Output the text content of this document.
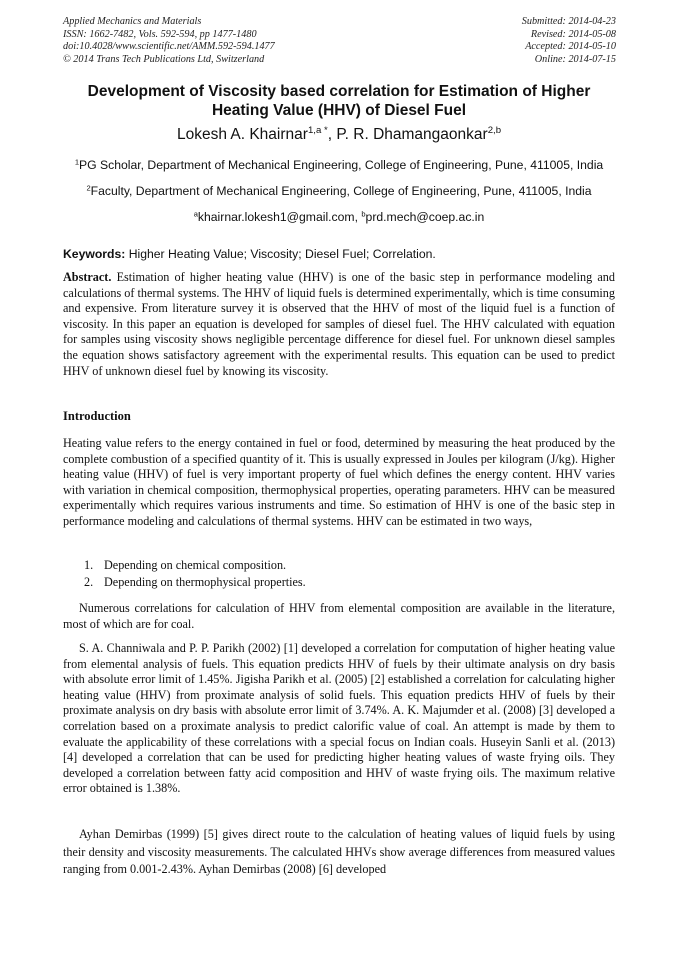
Applied Mechanics and Materials
ISSN: 1662-7482, Vols. 592-594, pp 1477-1480
doi:10.4028/www.scientific.net/AMM.592-594.1477
© 2014 Trans Tech Publications Ltd, Switzerland
Submitted: 2014-04-23
Revised: 2014-05-08
Accepted: 2014-05-10
Online: 2014-07-15
Development of Viscosity based correlation for Estimation of Higher Heating Value (HHV) of Diesel Fuel
Lokesh A. Khairnar$^{1,a *}$, P. R. Dhamangaonkar$^{2,b}$
$^1$PG Scholar, Department of Mechanical Engineering, College of Engineering, Pune, 411005, India
$^2$Faculty, Department of Mechanical Engineering, College of Engineering, Pune, 411005, India
$^a$khairnar.lokesh1@gmail.com, $^b$prd.mech@coep.ac.in
Keywords: Higher Heating Value; Viscosity; Diesel Fuel; Correlation.

Abstract. Estimation of higher heating value (HHV) is one of the basic step in performance modeling and calculations of thermal systems. The HHV of liquid fuels is determined experimentally, which is time consuming and expensive. From literature survey it is observed that the HHV of most of the liquid fuel is a function of viscosity. In this paper an equation is developed for samples of diesel fuel. The HHV calculated with equation for samples using viscosity shows negligible percentage difference for diesel fuel. For unknown diesel samples the equation shows satisfactory agreement with the experimental results. This equation can be used to predict HHV of unknown diesel fuel by knowing its viscosity.

Introduction

Heating value refers to the energy contained in fuel or food, determined by measuring the heat produced by the complete combustion of a specified quantity of it. This is usually expressed in Joules per kilogram (J/kg). Higher heating value (HHV) of fuel is very important property of fuel which defines the energy content. HHV varies with variation in chemical composition, thermophysical properties, operating parameters. HHV can be measured experimentally which requires various instruments and time. So estimation of HHV is one of the basic step in performance modeling and calculations of thermal systems. HHV can be estimated in two ways,

1. Depending on chemical composition.
2. Depending on thermophysical properties.

Numerous correlations for calculation of HHV from elemental composition are available in the literature, most of which are for coal.

S. A. Channiwala and P. P. Parikh (2002) [1] developed a correlation for computation of higher heating value from elemental analysis of fuels. This equation predicts HHV of fuels by their ultimate analysis on dry basis with absolute error limit of 1.45%. Jigisha Parikh et al. (2005) [2] established a correlation for calculating higher heating value (HHV) from proximate analysis of solid fuels. This equation predicts HHV of fuels by their proximate analysis on dry basis with absolute error limit of 3.74%. A. K. Majumder et al. (2008) [3] developed a correlation based on a proximate analysis to predict calorific value of coal. An attempt is made by them to evaluate the applicability of these correlations with a special focus on Indian coals. Huseyin Sanli et al. (2013) [4] developed a correlation that can be used for predicting higher heating values of waste frying oils. They developed a correlation between fatty acid composition and HHV of waste frying oils. The maximum relative error obtained is 1.38%.

Ayhan Demirbas (1999) [5] gives direct route to the calculation of heating values of liquid fuels by using their density and viscosity measurements. The calculated HHVs show average differences from measured values ranging from 0.001-2.43%. Ayhan Demirbas (2008) [6] developed
